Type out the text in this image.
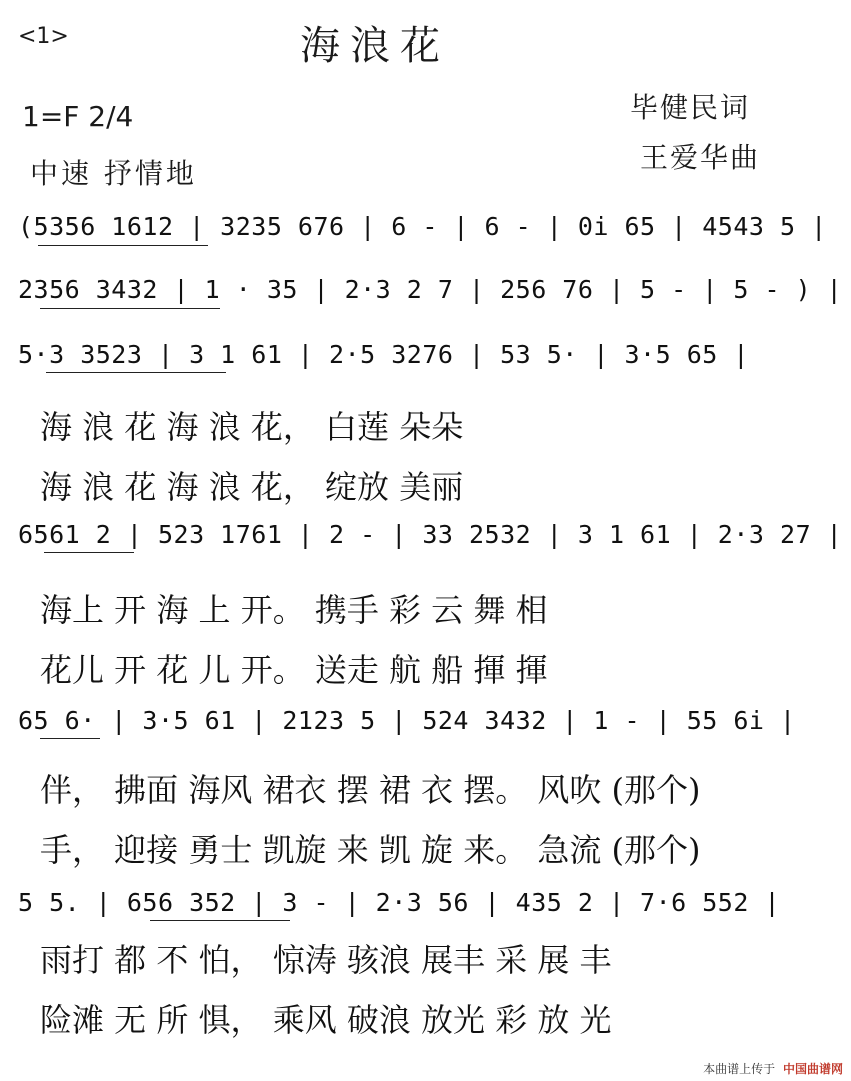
<1>	海浪花
1=F 2/4
中速 抒情地
毕健民词
王爱华曲
(5356 1612 | 3235 676 | 6 - | 6 - | 0i 65 | 4543 5 |
2356 3432 | 1 · 35 | 2·3 2 7 | 256 76 | 5 - | 5 - ) |
5·3 3523 | 3 1 61 | 2·5 3276 | 53 5· | 3·5 65 |
海 浪 花 海 浪 花， 白莲 朵朵
海 浪 花 海 浪 花， 绽放 美丽
6561 2 | 523 1761 | 2 - | 33 2532 | 3 1 61 | 2·3 27 |
海上 开 海 上 开。 携手 彩 云 舞 相
花儿 开 花 儿 开。 送走 航 船 揮 揮
65 6· | 3·5 61 | 2123 5 | 524 3432 | 1 - | 55 6i |
伴， 拂面 海风 裙衣 摆 裙 衣 摆。 风吹 (那个)
手， 迎接 勇士 凯旋 来 凯 旋 来。 急流 (那个)
5 5. | 656 352 | 3 - | 2·3 56 | 435 2 | 7·6 552 |
雨打 都 不 怕， 惊涛 骇浪 展丰 采 展 丰
险滩 无 所 惧， 乘风 破浪 放光 彩 放 光
本曲谱上传于 中国曲谱网
